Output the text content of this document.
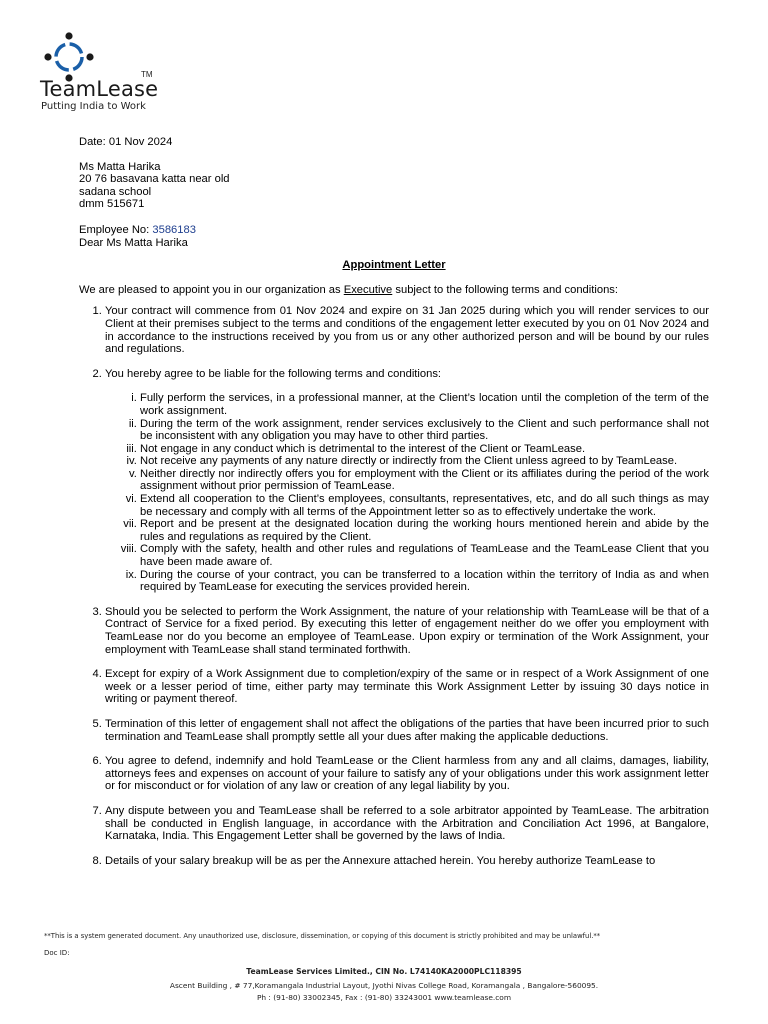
TeamLease
TM
Putting India to Work
Date: 01 Nov 2024
Ms Matta Harika
20 76 basavana katta near old
sadana school
dmm 515671
Employee No: 3586183
Dear Ms Matta Harika
Appointment Letter
We are pleased to appoint you in our organization as Executive subject to the following terms and conditions:
1. Your contract will commence from 01 Nov 2024 and expire on 31 Jan 2025 during which you will render services to our Client at their premises subject to the terms and conditions of the engagement letter executed by you on 01 Nov 2024 and in accordance to the instructions received by you from us or any other authorized person and will be bound by our rules and regulations.
2. You hereby agree to be liable for the following terms and conditions:
i. Fully perform the services, in a professional manner, at the Client’s location until the completion of the term of the work assignment.
ii. During the term of the work assignment, render services exclusively to the Client and such performance shall not be inconsistent with any obligation you may have to other third parties.
iii. Not engage in any conduct which is detrimental to the interest of the Client or TeamLease.
iv. Not receive any payments of any nature directly or indirectly from the Client unless agreed to by TeamLease.
v. Neither directly nor indirectly offers you for employment with the Client or its affiliates during the period of the work assignment without prior permission of TeamLease.
vi. Extend all cooperation to the Client’s employees, consultants, representatives, etc, and do all such things as may be necessary and comply with all terms of the Appointment letter so as to effectively undertake the work.
vii. Report and be present at the designated location during the working hours mentioned herein and abide by the rules and regulations as required by the Client.
viii. Comply with the safety, health and other rules and regulations of TeamLease and the TeamLease Client that you have been made aware of.
ix. During the course of your contract, you can be transferred to a location within the territory of India as and when required by TeamLease for executing the services provided herein.
3. Should you be selected to perform the Work Assignment, the nature of your relationship with TeamLease will be that of a Contract of Service for a fixed period. By executing this letter of engagement neither do we offer you employment with TeamLease nor do you become an employee of TeamLease. Upon expiry or termination of the Work Assignment, your employment with TeamLease shall stand terminated forthwith.
4. Except for expiry of a Work Assignment due to completion/expiry of the same or in respect of a Work Assignment of one week or a lesser period of time, either party may terminate this Work Assignment Letter by issuing 30 days notice in writing or payment thereof.
5. Termination of this letter of engagement shall not affect the obligations of the parties that have been incurred prior to such termination and TeamLease shall promptly settle all your dues after making the applicable deductions.
6. You agree to defend, indemnify and hold TeamLease or the Client harmless from any and all claims, damages, liability, attorneys fees and expenses on account of your failure to satisfy any of your obligations under this work assignment letter or for misconduct or for violation of any law or creation of any legal liability by you.
7. Any dispute between you and TeamLease shall be referred to a sole arbitrator appointed by TeamLease. The arbitration shall be conducted in English language, in accordance with the Arbitration and Conciliation Act 1996, at Bangalore, Karnataka, India. This Engagement Letter shall be governed by the laws of India.
8. Details of your salary breakup will be as per the Annexure attached herein. You hereby authorize TeamLease to
**This is a system generated document. Any unauthorized use, disclosure, dissemination, or copying of this document is strictly prohibited and may be unlawful.**
Doc ID:
TeamLease Services Limited., CIN No. L74140KA2000PLC118395
Ascent Building , # 77,Koramangala Industrial Layout, Jyothi Nivas College Road, Koramangala , Bangalore-560095.
Ph : (91-80) 33002345, Fax : (91-80) 33243001 www.teamlease.com
